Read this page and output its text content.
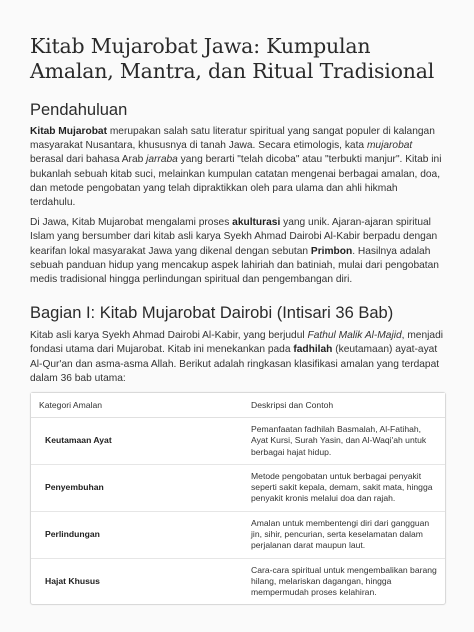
Kitab Mujarobat Jawa: Kumpulan Amalan, Mantra, dan Ritual Tradisional
Pendahuluan

Kitab Mujarobat merupakan salah satu literatur spiritual yang sangat populer di kalangan masyarakat Nusantara, khususnya di tanah Jawa. Secara etimologis, kata mujarobat berasal dari bahasa Arab jarraba yang berarti "telah dicoba" atau "terbukti manjur". Kitab ini bukanlah sebuah kitab suci, melainkan kumpulan catatan mengenai berbagai amalan, doa, dan metode pengobatan yang telah dipraktikkan oleh para ulama dan ahli hikmah terdahulu.

Di Jawa, Kitab Mujarobat mengalami proses akulturasi yang unik. Ajaran-ajaran spiritual Islam yang bersumber dari kitab asli karya Syekh Ahmad Dairobi Al-Kabir berpadu dengan kearifan lokal masyarakat Jawa yang dikenal dengan sebutan Primbon. Hasilnya adalah sebuah panduan hidup yang mencakup aspek lahiriah dan batiniah, mulai dari pengobatan medis tradisional hingga perlindungan spiritual dan pengembangan diri.

Bagian I: Kitab Mujarobat Dairobi (Intisari 36 Bab)

Kitab asli karya Syekh Ahmad Dairobi Al-Kabir, yang berjudul Fathul Malik Al-Majid, menjadi fondasi utama dari Mujarobat. Kitab ini menekankan pada fadhilah (keutamaan) ayat-ayat Al-Qur'an dan asma-asma Allah. Berikut adalah ringkasan klasifikasi amalan yang terdapat dalam 36 bab utama:

Kategori Amalan	Deskripsi dan Contoh
Keutamaan Ayat	Pemanfaatan fadhilah Basmalah, Al-Fatihah, Ayat Kursi, Surah Yasin, dan Al-Waqi'ah untuk berbagai hajat hidup.
Penyembuhan	Metode pengobatan untuk berbagai penyakit seperti sakit kepala, demam, sakit mata, hingga penyakit kronis melalui doa dan rajah.
Perlindungan	Amalan untuk membentengi diri dari gangguan jin, sihir, pencurian, serta keselamatan dalam perjalanan darat maupun laut.
Hajat Khusus	Cara-cara spiritual untuk mengembalikan barang hilang, melariskan dagangan, hingga mempermudah proses kelahiran.
